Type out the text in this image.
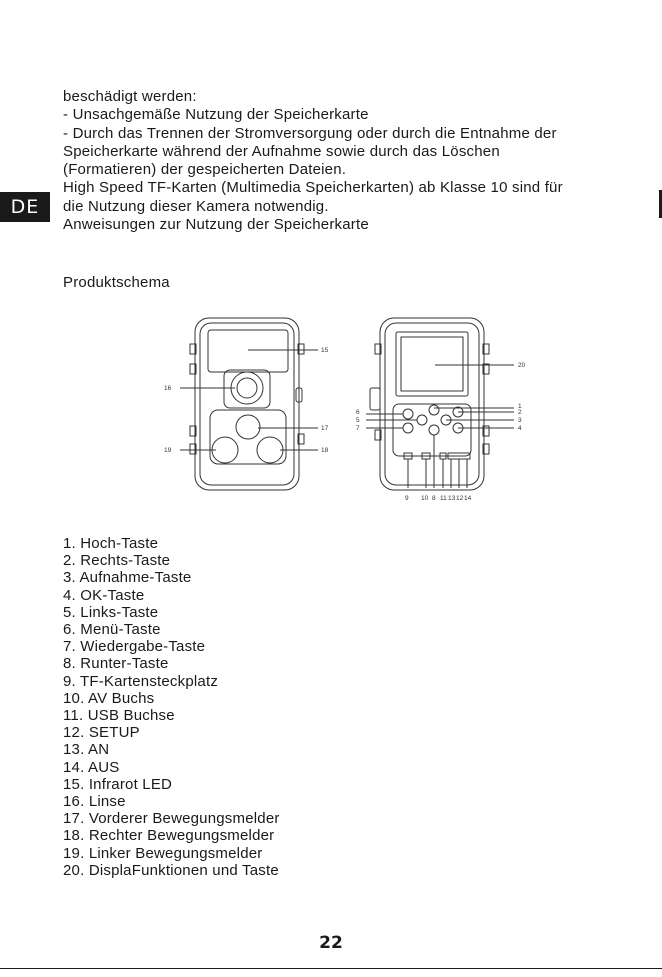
beschädigt werden:
- Unsachgemäße Nutzung der Speicherkarte
- Durch das Trennen der Stromversorgung oder durch die Entnahme der
Speicherkarte während der Aufnahme sowie durch das Löschen
(Formatieren) der gespeicherten Dateien.
High Speed TF-Karten (Multimedia Speicherkarten) ab Klasse 10 sind für
die Nutzung dieser Kamera notwendig.
Anweisungen zur Nutzung der Speicherkarte
DE
Produktschema
15
16
17
18
19
20
1
2
3
4
6
5
7
9 10 8 11 13 12 14
1. Hoch-Taste
2. Rechts-Taste
3. Aufnahme-Taste
4. OK-Taste
5. Links-Taste
6. Menü-Taste
7. Wiedergabe-Taste
8. Runter-Taste
9. TF-Kartensteckplatz
10. AV Buchs
11. USB Buchse
12. SETUP
13. AN
14. AUS
15. Infrarot LED
16. Linse
17. Vorderer Bewegungsmelder
18. Rechter Bewegungsmelder
19. Linker Bewegungsmelder
20. DisplaFunktionen und Taste
22
